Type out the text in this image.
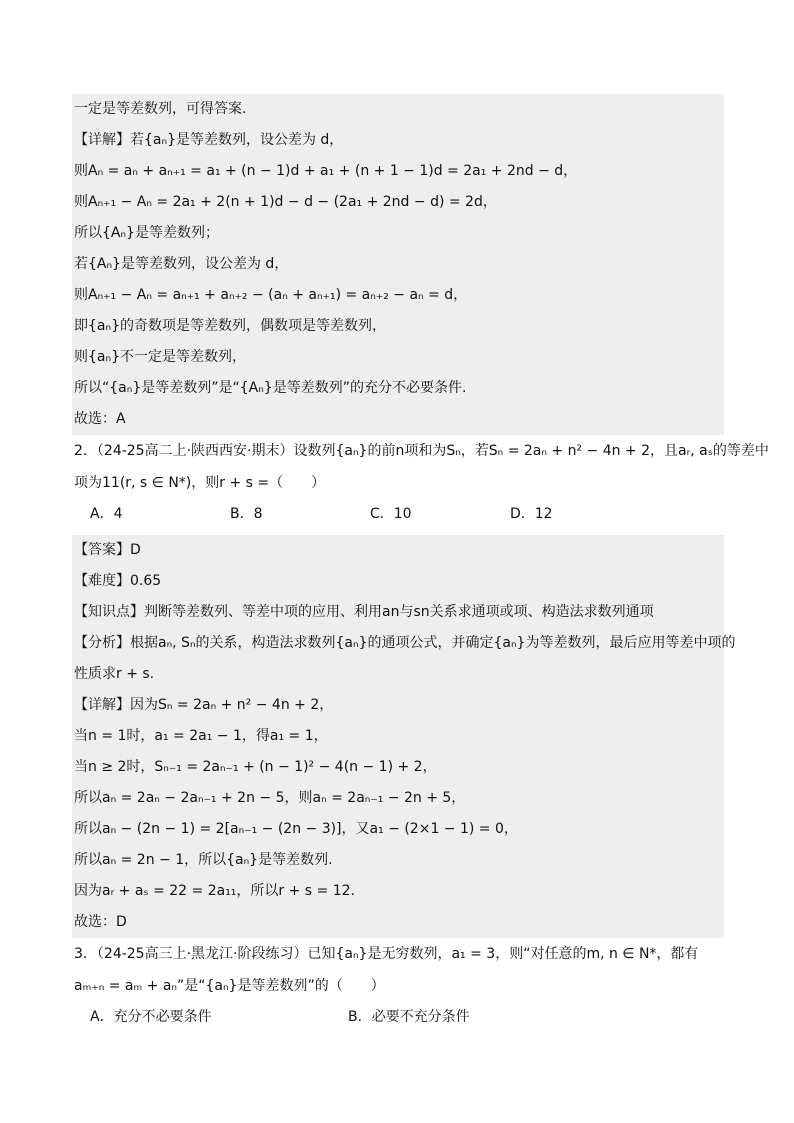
一定是等差数列，可得答案.
【详解】若{aₙ}是等差数列，设公差为 d，
则Aₙ = aₙ + aₙ₊₁ = a₁ + (n − 1)d + a₁ + (n + 1 − 1)d = 2a₁ + 2nd − d，
则Aₙ₊₁ − Aₙ = 2a₁ + 2(n + 1)d − d − (2a₁ + 2nd − d) = 2d，
所以{Aₙ}是等差数列；
若{Aₙ}是等差数列，设公差为 d，
则Aₙ₊₁ − Aₙ = aₙ₊₁ + aₙ₊₂ − (aₙ + aₙ₊₁) = aₙ₊₂ − aₙ = d，
即{aₙ}的奇数项是等差数列，偶数项是等差数列，
则{aₙ}不一定是等差数列，
所以“{aₙ}是等差数列”是“{Aₙ}是等差数列”的充分不必要条件.
故选：A
2．（24-25高二上·陕西西安·期末）设数列{aₙ}的前n项和为Sₙ，若Sₙ = 2aₙ + n² − 4n + 2，且aᵣ, aₛ的等差中
项为11(r, s ∈ N*)，则r + s =（　　）
A．4	B．8	C．10	D．12
【答案】D
【难度】0.65
【知识点】判断等差数列、等差中项的应用、利用an与sn关系求通项或项、构造法求数列通项
【分析】根据aₙ, Sₙ的关系，构造法求数列{aₙ}的通项公式，并确定{aₙ}为等差数列，最后应用等差中项的
性质求r + s.
【详解】因为Sₙ = 2aₙ + n² − 4n + 2，
当n = 1时，a₁ = 2a₁ − 1，得a₁ = 1，
当n ≥ 2时，Sₙ₋₁ = 2aₙ₋₁ + (n − 1)² − 4(n − 1) + 2，
所以aₙ = 2aₙ − 2aₙ₋₁ + 2n − 5，则aₙ = 2aₙ₋₁ − 2n + 5，
所以aₙ − (2n − 1) = 2[aₙ₋₁ − (2n − 3)]，又a₁ − (2×1 − 1) = 0，
所以aₙ = 2n − 1，所以{aₙ}是等差数列.
因为aᵣ + aₛ = 22 = 2a₁₁，所以r + s = 12.
故选：D
3．（24-25高三上·黑龙江·阶段练习）已知{aₙ}是无穷数列，a₁ = 3，则“对任意的m, n ∈ N*，都有
aₘ₊ₙ = aₘ + aₙ”是“{aₙ}是等差数列”的（　　）
A．充分不必要条件	B．必要不充分条件
